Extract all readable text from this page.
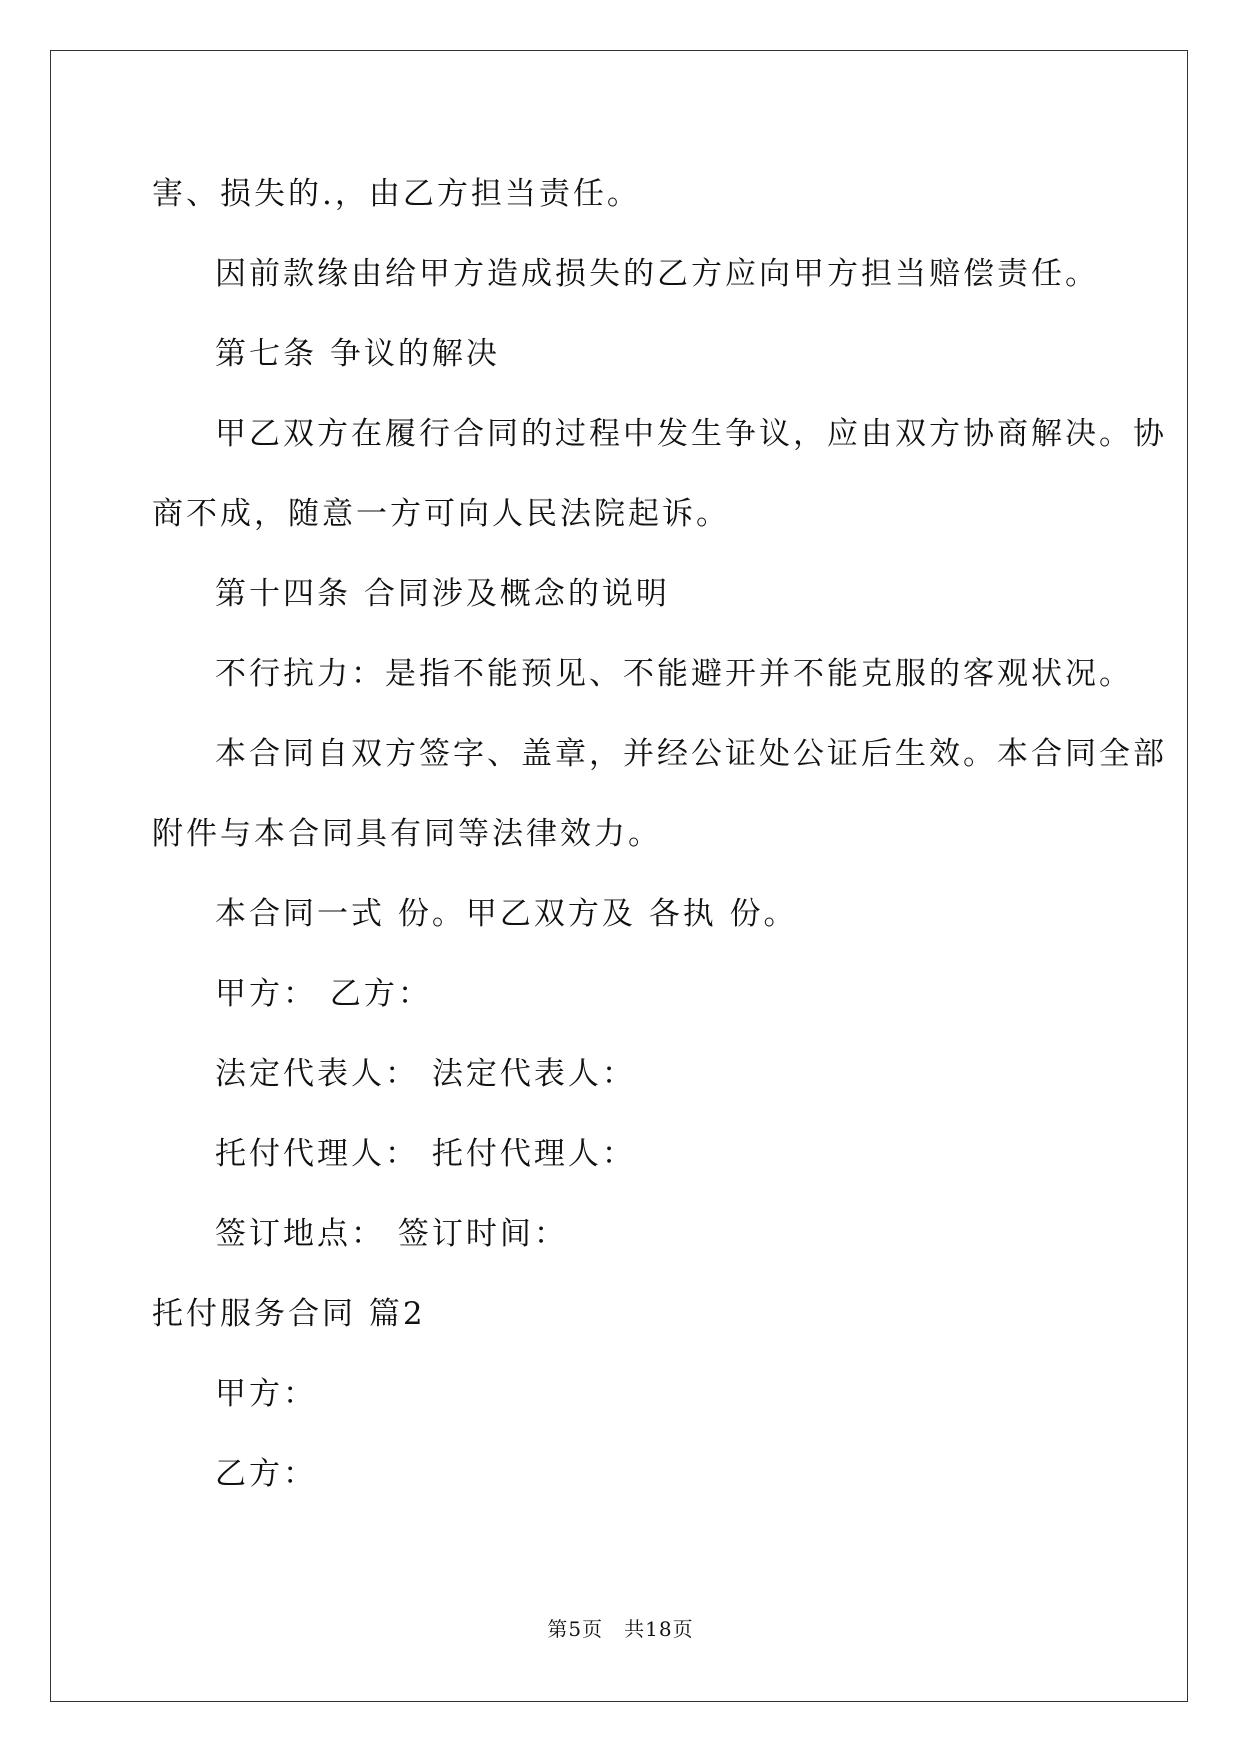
害、损失的.，由乙方担当责任。
因前款缘由给甲方造成损失的乙方应向甲方担当赔偿责任。
第七条 争议的解决
甲乙双方在履行合同的过程中发生争议，应由双方协商解决。协
商不成，随意一方可向人民法院起诉。
第十四条 合同涉及概念的说明
不行抗力：是指不能预见、不能避开并不能克服的客观状况。
本合同自双方签字、盖章，并经公证处公证后生效。本合同全部
附件与本合同具有同等法律效力。
本合同一式 份。甲乙双方及 各执 份。
甲方： 乙方：
法定代表人： 法定代表人：
托付代理人： 托付代理人：
签订地点： 签订时间：
托付服务合同 篇2
甲方：
乙方：
第5页　共18页
